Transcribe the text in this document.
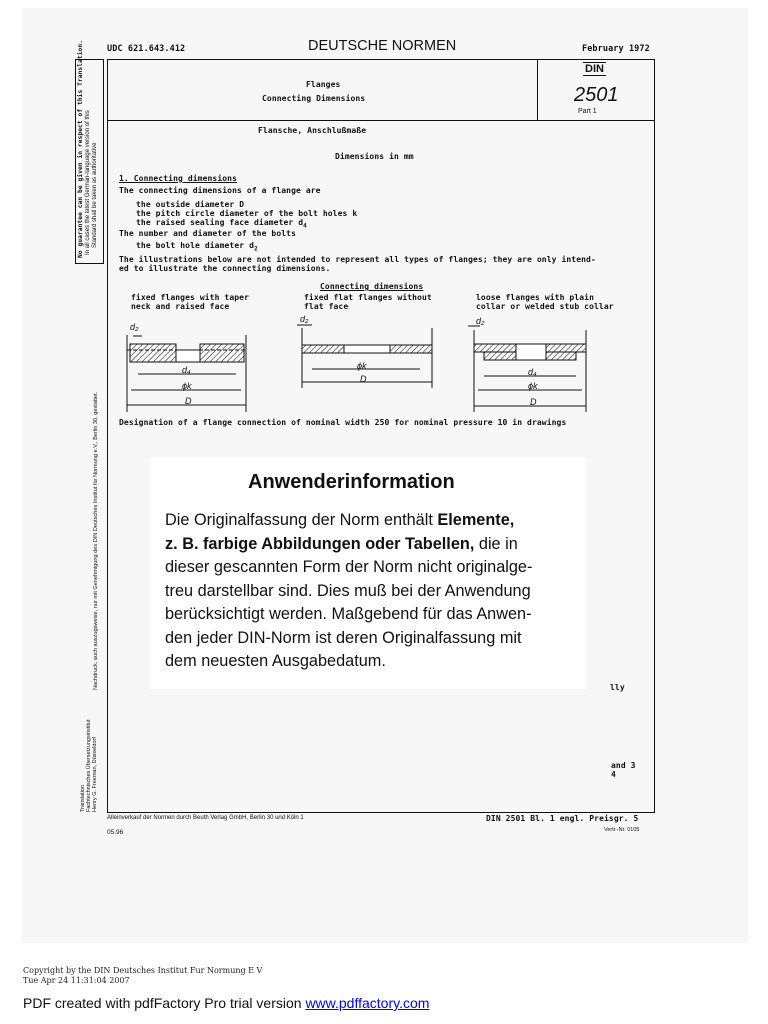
UDC 621.643.412	DEUTSCHE NORMEN	February 1972
No guarantee can be given in respect of this Translation. In all cases the latest German-language version of this Standard shall be taken as authoritative
Nachdruck, auch auszugsweise, nur mit Genehmigung des DIN Deutsches Institut für Normung e.V., Berlin 30, gestattet.
Translation Fachtechnisches Übersetzungsinstitut Henry G. Freeman, Düsseldorf
Flanges
Connecting Dimensions
DIN
2501
Part 1
Flansche, Anschlußmaße
Dimensions in mm
1. Connecting dimensions
The connecting dimensions of a flange are
the outside diameter D
the pitch circle diameter of the bolt holes k
the raised sealing face diameter $d_4$
The number and diameter of the bolts
the bolt hole diameter $d_2$
The illustrations below are not intended to represent all types of flanges; they are only intend-
ed to illustrate the connecting dimensions.
Connecting dimensions
fixed flanges with taper
neck and raised face
fixed flat flanges without
flat face
loose flanges with plain
collar or welded stub collar
d₂
d₄
ϕk
D
d₂
ϕk
D
d₂
d₄
ϕk
D
Designation of a flange connection of nominal width 250 for nominal pressure 10 in drawings
Anwenderinformation
Die Originalfassung der Norm enthält Elemente,
z. B. farbige Abbildungen oder Tabellen, die in
dieser gescannten Form der Norm nicht originalge-
treu darstellbar sind. Dies muß bei der Anwendung
berücksichtigt werden. Maßgebend für das Anwen-
den jeder DIN-Norm ist deren Originalfassung mit
dem neuesten Ausgabedatum.
lly
and 3
4
Alleinverkauf der Normen durch Beuth Verlag GmbH, Berlin 30 und Köln 1
05.96
DIN 2501 Bl. 1 engl. Preisgr. 5
Vertr.-Nr. 0105
Copyright by the DIN Deutsches Institut Fur Normung E V
Tue Apr 24 11:31:04 2007
PDF created with pdfFactory Pro trial version www.pdffactory.com
